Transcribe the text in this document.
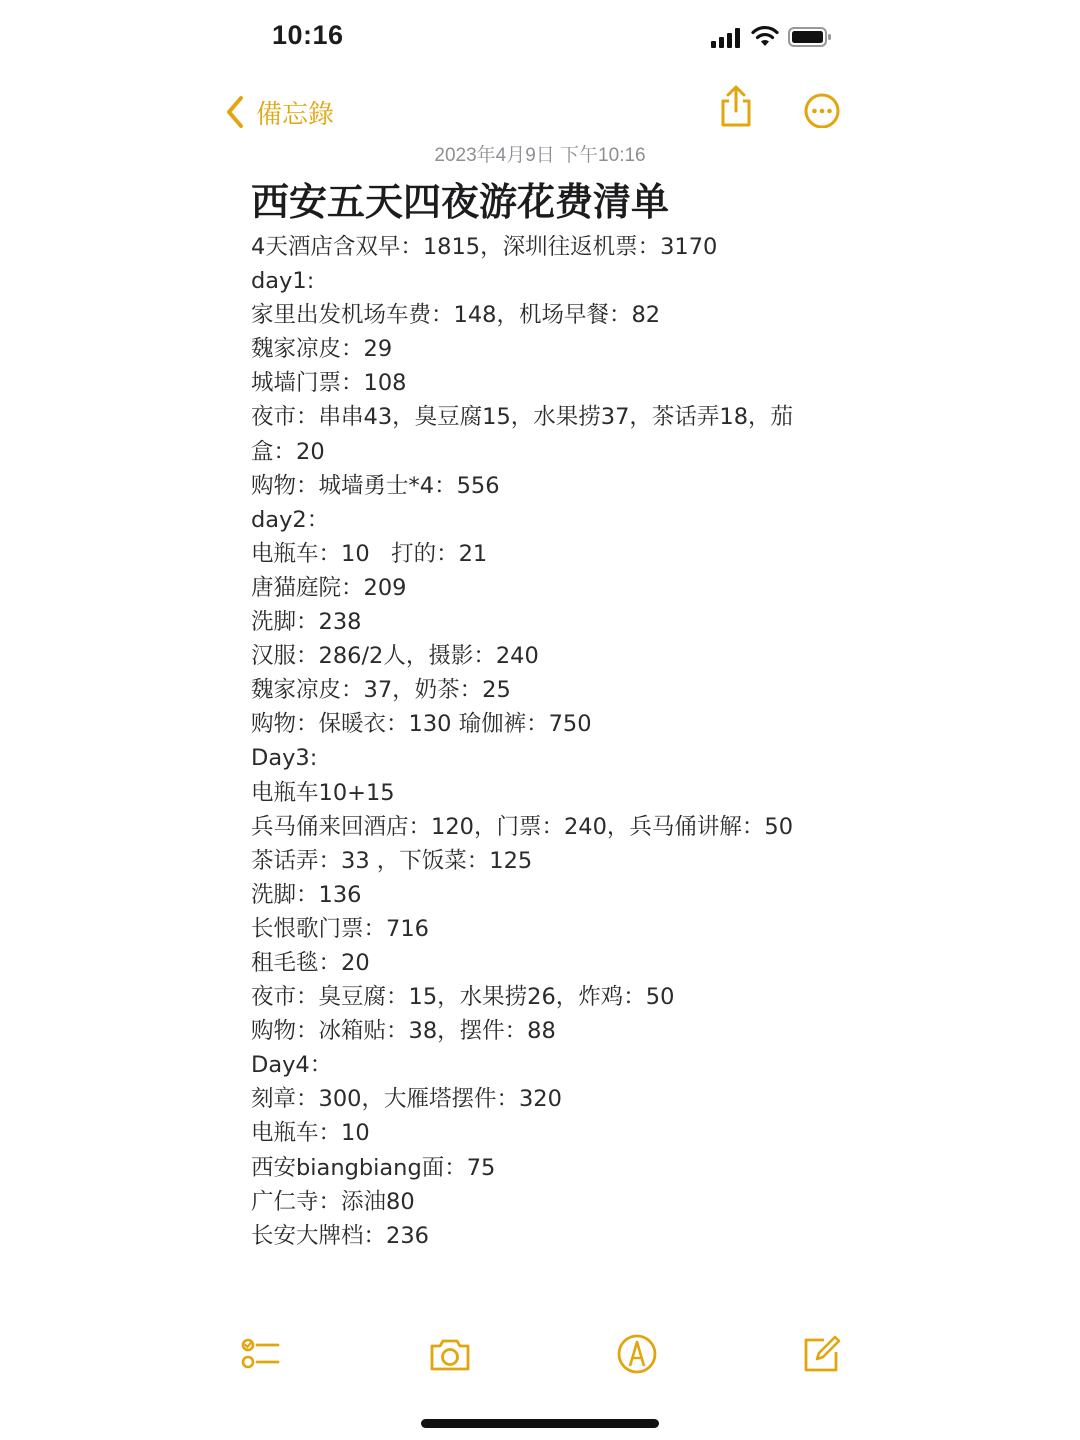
10:16
備忘錄
2023年4月9日 下午10:16
西安五天四夜游花费清单
4天酒店含双早：1815，深圳往返机票：3170
day1:
家里出发机场车费：148，机场早餐：82
魏家凉皮：29
城墙门票：108
夜市：串串43，臭豆腐15，水果捞37，茶话弄18，茄盒：20
购物：城墙勇士*4：556
day2：
电瓶车：10   打的：21
唐猫庭院：209
洗脚：238
汉服：286/2人，摄影：240
魏家凉皮：37，奶茶：25
购物：保暖衣：130 瑜伽裤：750
Day3:
电瓶车10+15
兵马俑来回酒店：120，门票：240，兵马俑讲解：50
茶话弄：33 ，下饭菜：125
洗脚：136
长恨歌门票：716
租毛毯：20
夜市：臭豆腐：15，水果捞26，炸鸡：50
购物：冰箱贴：38，摆件：88
Day4：
刻章：300，大雁塔摆件：320
电瓶车：10
西安biangbiang面：75
广仁寺：添油80
长安大牌档：236
